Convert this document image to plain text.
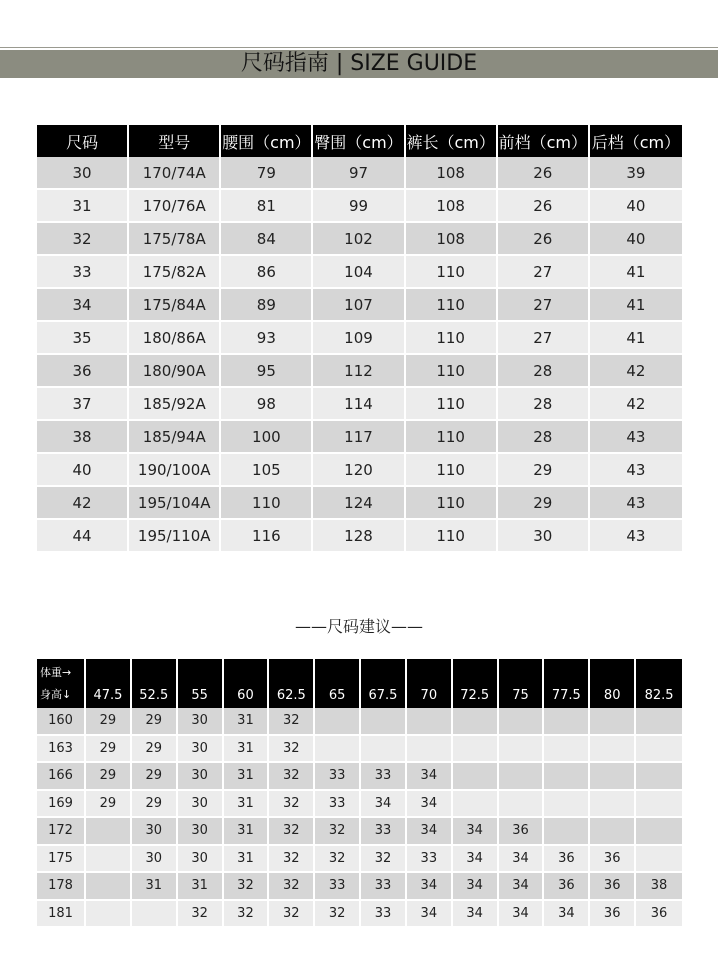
尺码指南 | SIZE GUIDE
尺码	型号	腰围（cm）	臀围（cm）	裤长（cm）	前档（cm）	后档（cm）
30	170/74A	79	97	108	26	39
31	170/76A	81	99	108	26	40
32	175/78A	84	102	108	26	40
33	175/82A	86	104	110	27	41
34	175/84A	89	107	110	27	41
35	180/86A	93	109	110	27	41
36	180/90A	95	112	110	28	42
37	185/92A	98	114	110	28	42
38	185/94A	100	117	110	28	43
40	190/100A	105	120	110	29	43
42	195/104A	110	124	110	29	43
44	195/110A	116	128	110	30	43
——尺码建议——
体重→
身高↓	47.5	52.5	55	60	62.5	65	67.5	70	72.5	75	77.5	80	82.5
160	29	29	30	31	32								
163	29	29	30	31	32								
166	29	29	30	31	32	33	33	34					
169	29	29	30	31	32	33	34	34					
172		30	30	31	32	32	33	34	34	36			
175		30	30	31	32	32	32	33	34	34	36	36	
178		31	31	32	32	33	33	34	34	34	36	36	38
181			32	32	32	32	33	34	34	34	34	36	36
